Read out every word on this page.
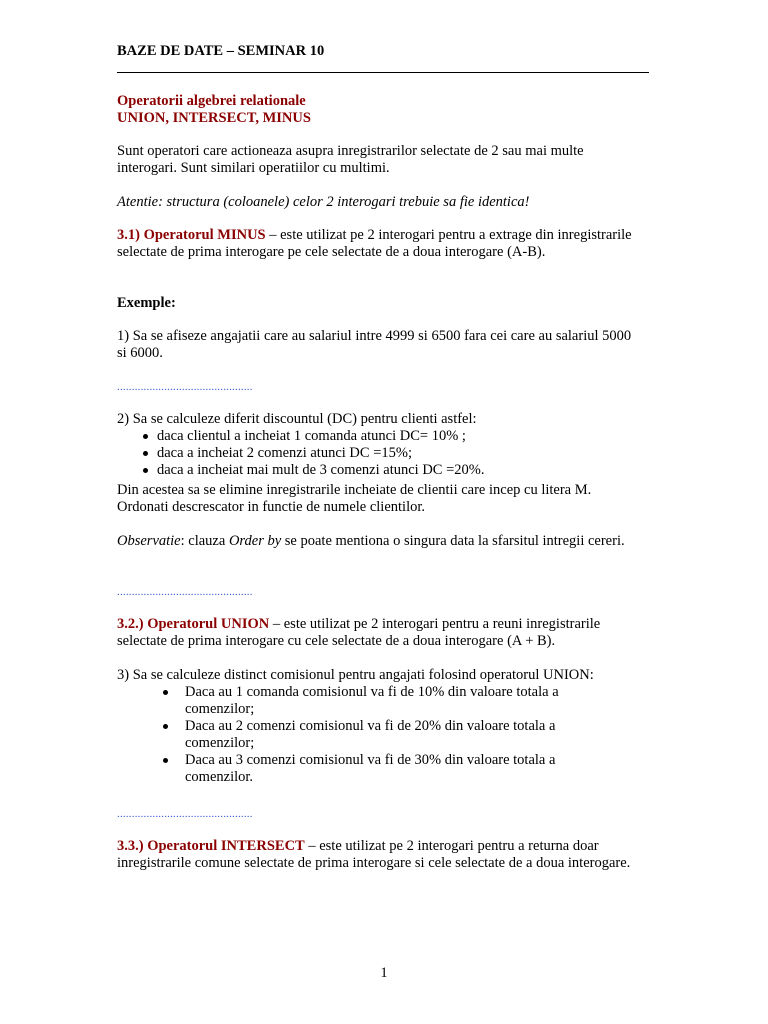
BAZE DE DATE – SEMINAR 10

Operatorii algebrei relationale

UNION, INTERSECT, MINUS

Sunt operatori care actioneaza asupra inregistrarilor selectate de 2 sau mai multe interogari. Sunt similari operatiilor cu multimi.

Atentie: structura (coloanele) celor 2 interogari trebuie sa fie identica!

3.1) Operatorul MINUS – este utilizat pe 2 interogari pentru a extrage din inregistrarile selectate de prima interogare pe cele selectate de a doua interogare (A-B).

Exemple:

1) Sa se afiseze angajatii care au salariul intre 4999 si 6500 fara cei care au salariul 5000 si 6000.

..............................................

2) Sa se calculeze diferit discountul (DC) pentru clienti astfel:

daca clientul a incheiat 1 comanda atunci DC= 10% ;
daca a incheiat 2 comenzi atunci DC =15%;
daca a incheiat mai mult de 3 comenzi atunci DC =20%.

Din acestea sa se elimine inregistrarile incheiate de clientii care incep cu litera M.

Ordonati descrescator in functie de numele clientilor.

Observatie: clauza Order by se poate mentiona o singura data la sfarsitul intregii cereri.

..............................................

3.2.) Operatorul UNION – este utilizat pe 2 interogari pentru a reuni inregistrarile selectate de prima interogare cu cele selectate de a doua interogare (A + B).

3) Sa se calculeze distinct comisionul pentru angajati folosind operatorul UNION:

Daca au 1 comanda comisionul va fi de 10% din valoare totala a comenzilor;
Daca au 2 comenzi comisionul va fi de 20% din valoare totala a comenzilor;
Daca au 3 comenzi comisionul va fi de 30% din valoare totala a comenzilor.
..............................................

3.3.) Operatorul INTERSECT – este utilizat pe 2 interogari pentru a returna doar inregistrarile comune selectate de prima interogare si cele selectate de a doua interogare.

1
